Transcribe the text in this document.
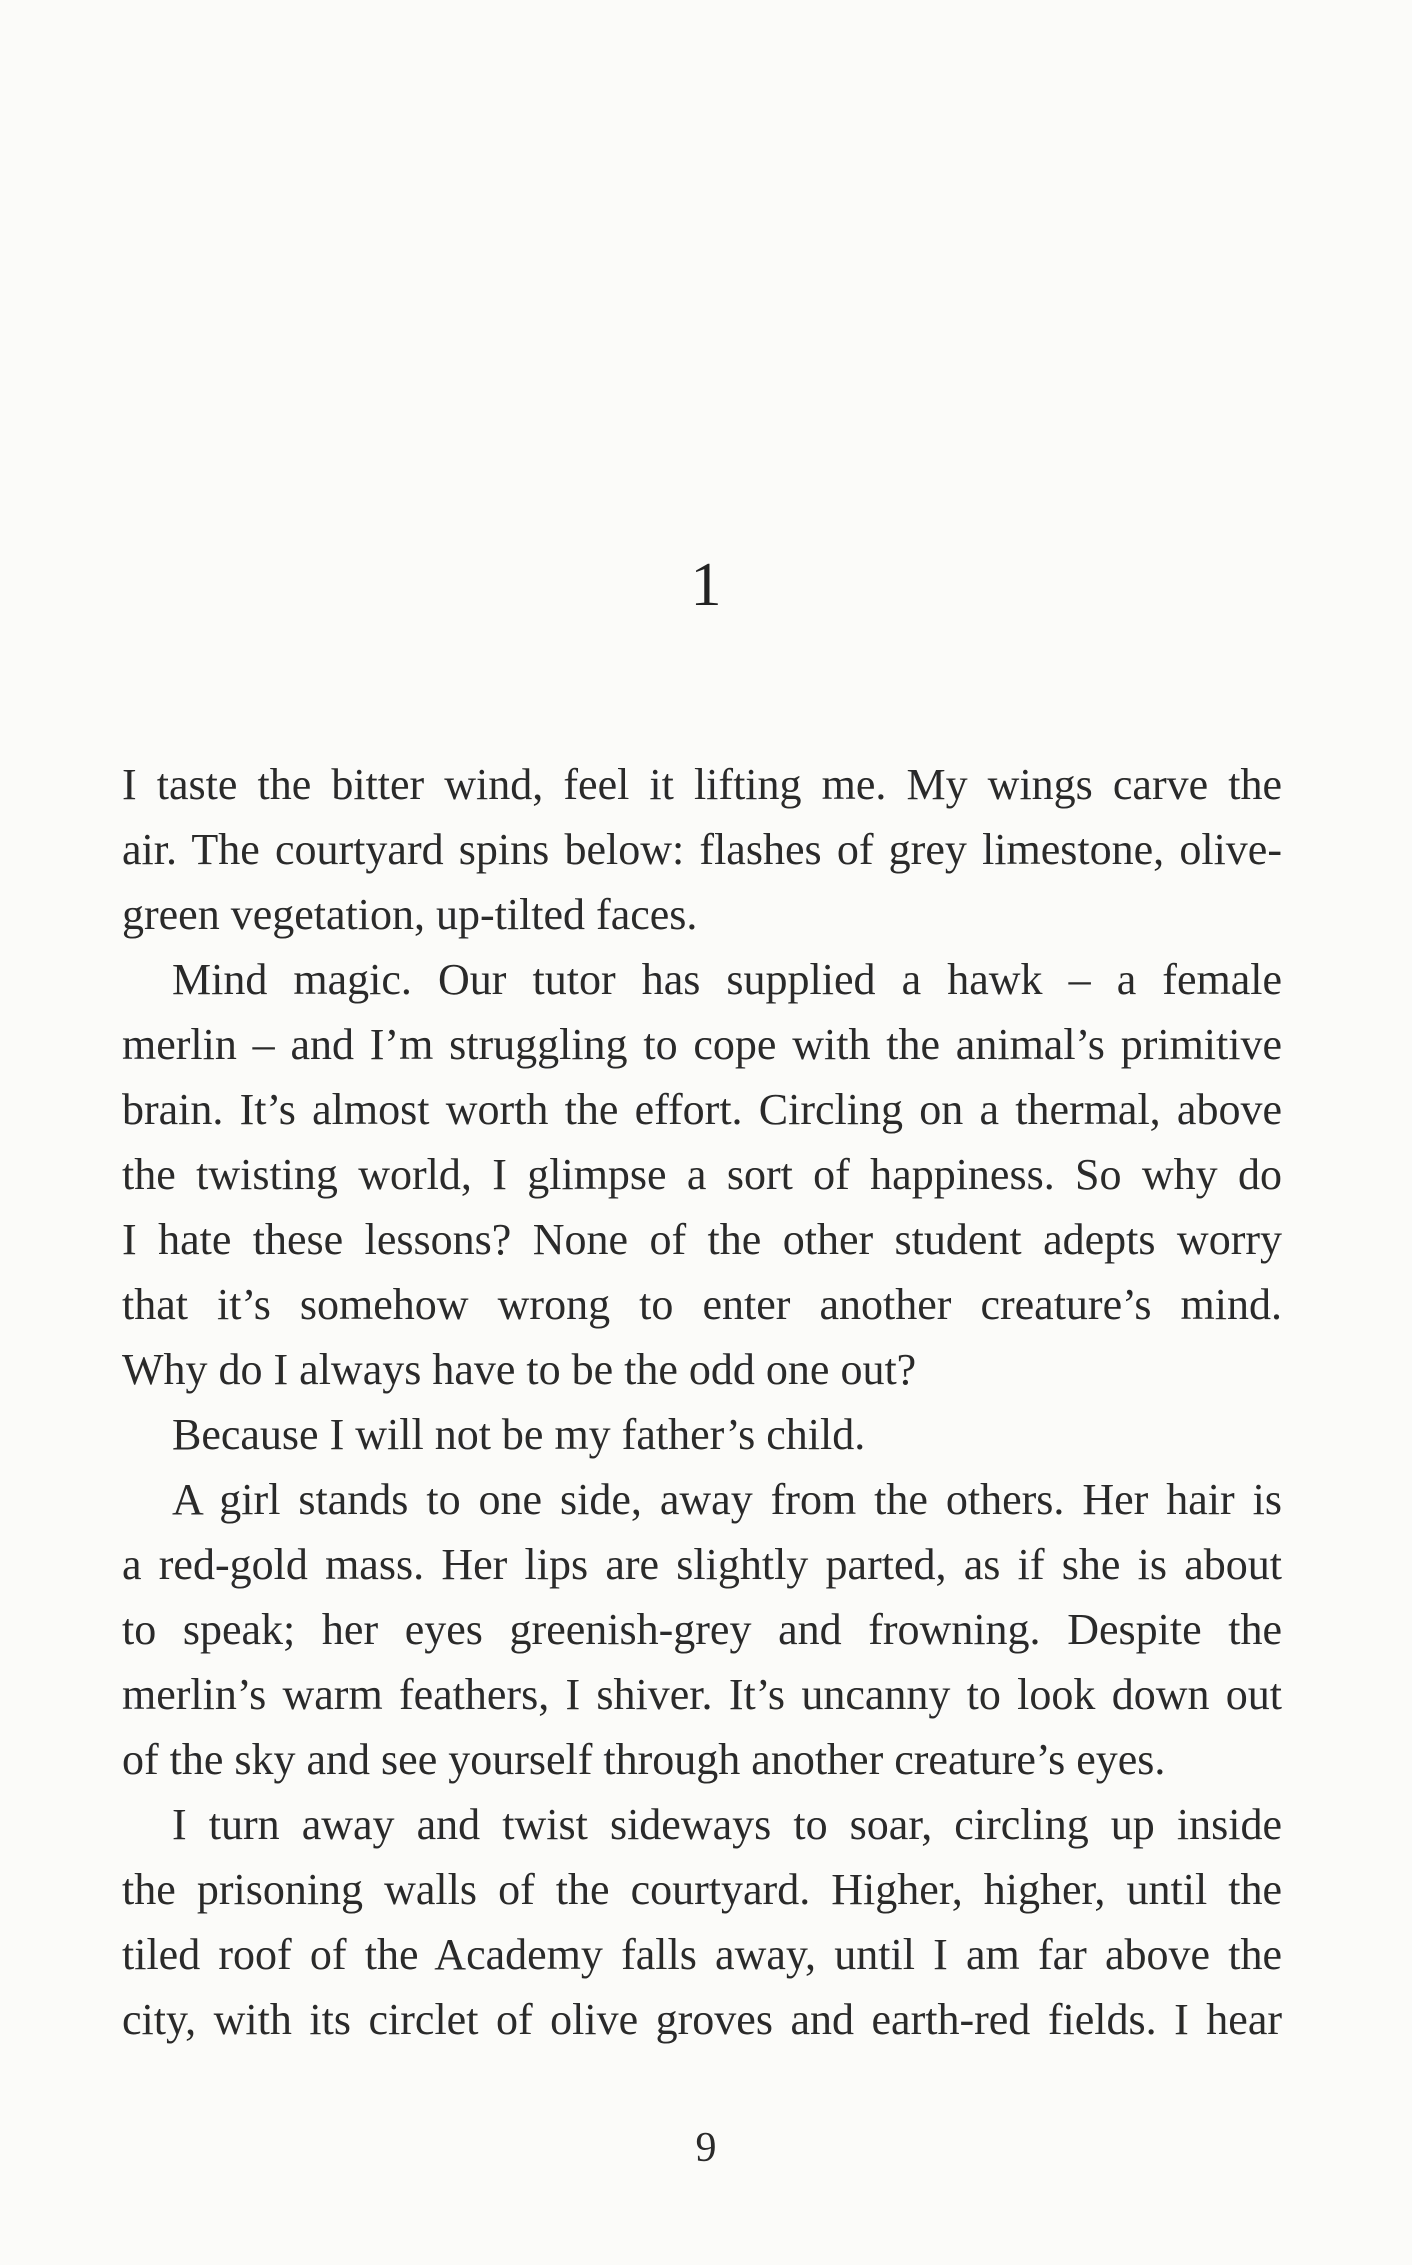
1
I taste the bitter wind, feel it lifting me. My wings carve the
air. The courtyard spins below: flashes of grey limestone, olive-
green vegetation, up-tilted faces.
Mind magic. Our tutor has supplied a hawk – a female
merlin – and I’m struggling to cope with the animal’s primitive
brain. It’s almost worth the effort. Circling on a thermal, above
the twisting world, I glimpse a sort of happiness. So why do
I hate these lessons? None of the other student adepts worry
that it’s somehow wrong to enter another creature’s mind.
Why do I always have to be the odd one out?
Because I will not be my father’s child.
A girl stands to one side, away from the others. Her hair is
a red-gold mass. Her lips are slightly parted, as if she is about
to speak; her eyes greenish-grey and frowning. Despite the
merlin’s warm feathers, I shiver. It’s uncanny to look down out
of the sky and see yourself through another creature’s eyes.
I turn away and twist sideways to soar, circling up inside
the prisoning walls of the courtyard. Higher, higher, until the
tiled roof of the Academy falls away, until I am far above the
city, with its circlet of olive groves and earth-red fields. I hear
9
